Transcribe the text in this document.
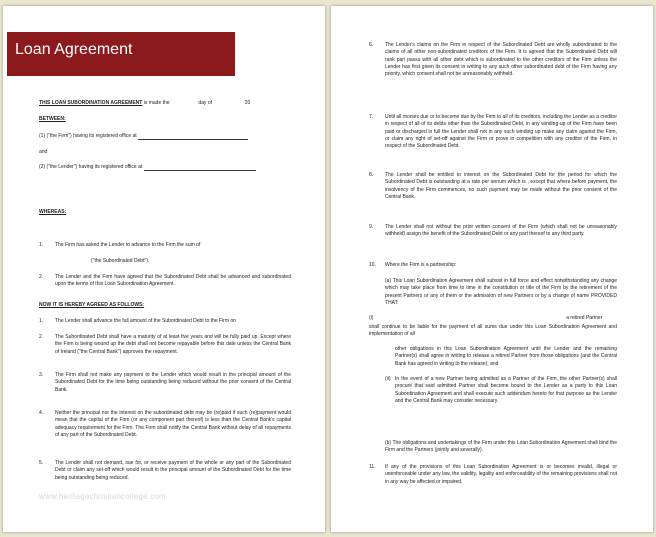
Loan Agreement
THIS LOAN SUBORDINATION AGREEMENT is made the	day of	20
BETWEEN:
(1) ("the Firm") having its registered office at
and
(2) ("the Lender") having its registered office at
WHEREAS:
1. The Firm has asked the Lender to advance to the Firm the sum of
("the Subordinated Debt").
2. The Lender and the Firm have agreed that the Subordinated Debt shall be advanced and subordinated upon the terms of this Loan Subordination Agreement.
NOW IT IS HEREBY AGREED AS FOLLOWS:
1. The Lender shall advance the full amount of the Subordinated Debt to the Firm on
2. The Subordinated Debt shall have a maturity of at least five years and will be fully paid up. Except where the Firm is being wound up the debt shall not become repayable before this date unless the Central Bank of Ireland ("the Central Bank") approves the repayment.
3. The Firm shall not make any payment to the Lender which would result in the principal amount of the Subordinated Debt for the time being outstanding being reduced without the prior consent of the Central Bank.
4. Neither the principal nor the interest on the subordinated debt may be (re)paid if such (re)payment would mean that the capital of the Firm (or any component part thereof) is less than the Central Bank's capital adequacy requirement for the Firm. The Firm shall notify the Central Bank without delay of all repayments of any part of the Subordinated Debt.
5. The Lender shall not demand, sue for, or receive payment of the whole or any part of the Subordinated Debt or claim any set-off which would result in the principal amount of the Subordinated Debt for the time being outstanding being reduced.
www.heritagechristiancollege.com
6. The Lender's claims on the Firm in respect of the Subordinated Debt are wholly subordinated to the claims of all other non-subordinated creditors of the Firm. It is agreed that the Subordinated Debt will rank pari passu with all other debt which is subordinated to the other creditors of the Firm unless the Lender has first given its consent in writing to any such other subordinated debt of the Firm having any priority, which consent shall not be unreasonably withheld.
7. Until all monies due or to become due by the Firm to all of its creditors, including the Lender as a creditor in respect of all of its debts other than the Subordinated Debt, in any winding-up of the Firm have been paid or discharged in full the Lender shall not in any such winding up make any claim against the Firm, or claim any right of set-off against the Firm or prove in competition with any creditor of the Firm, in respect of the Subordinated Debt.
8. The Lender shall be entitled to interest on the Subordinated Debt for the period for which the Subordinated Debt is outstanding at a rate per annum which is , except that where before payment, the insolvency of the Firm commences, no such payment may be made without the prior consent of the Central Bank.
9. The Lender shall not without the prior written consent of the Firm (which shall not be unreasonably withheld) assign the benefit of the Subordinated Debt or any part thereof to any third party.
10. Where the Firm is a partnership:
(a) This Loan Subordination Agreement shall subsist in full force and effect notwithstanding any change which may take place from time to time in the constitution or title of the Firm by the retirement of the present Partners or any of them or the admission of new Partners or by a change of name PROVIDED THAT:
(i)	a retired Partner
shall continue to be liable for the payment of all sums due under this Loan Subordination Agreement and implementation of all
other obligations in this Loan Subordination Agreement until the Lender and the remaining Partner(s) shall agree in writing to release a retired Partner from those obligations (and the Central Bank has agreed in writing to the release); and
(ii) In the event of a new Partner being admitted as a Partner of the Firm, the other Partner(s) shall procure that said admitted Partner shall become bound to the Lender as a party to this Loan Subordination Agreement and shall execute such addendum hereto for that purpose as the Lender and the Central Bank may consider necessary.
(b) The obligations and undertakings of the Firm under this Loan Subordination Agreement shall bind the Firm and the Partners (jointly and severally).
11. If any of the provisions of this Loan Subordination Agreement is or becomes invalid, illegal or unenforceable under any law, the validity, legality and enforceability of the remaining provisions shall not in any way be affected or impaired.
